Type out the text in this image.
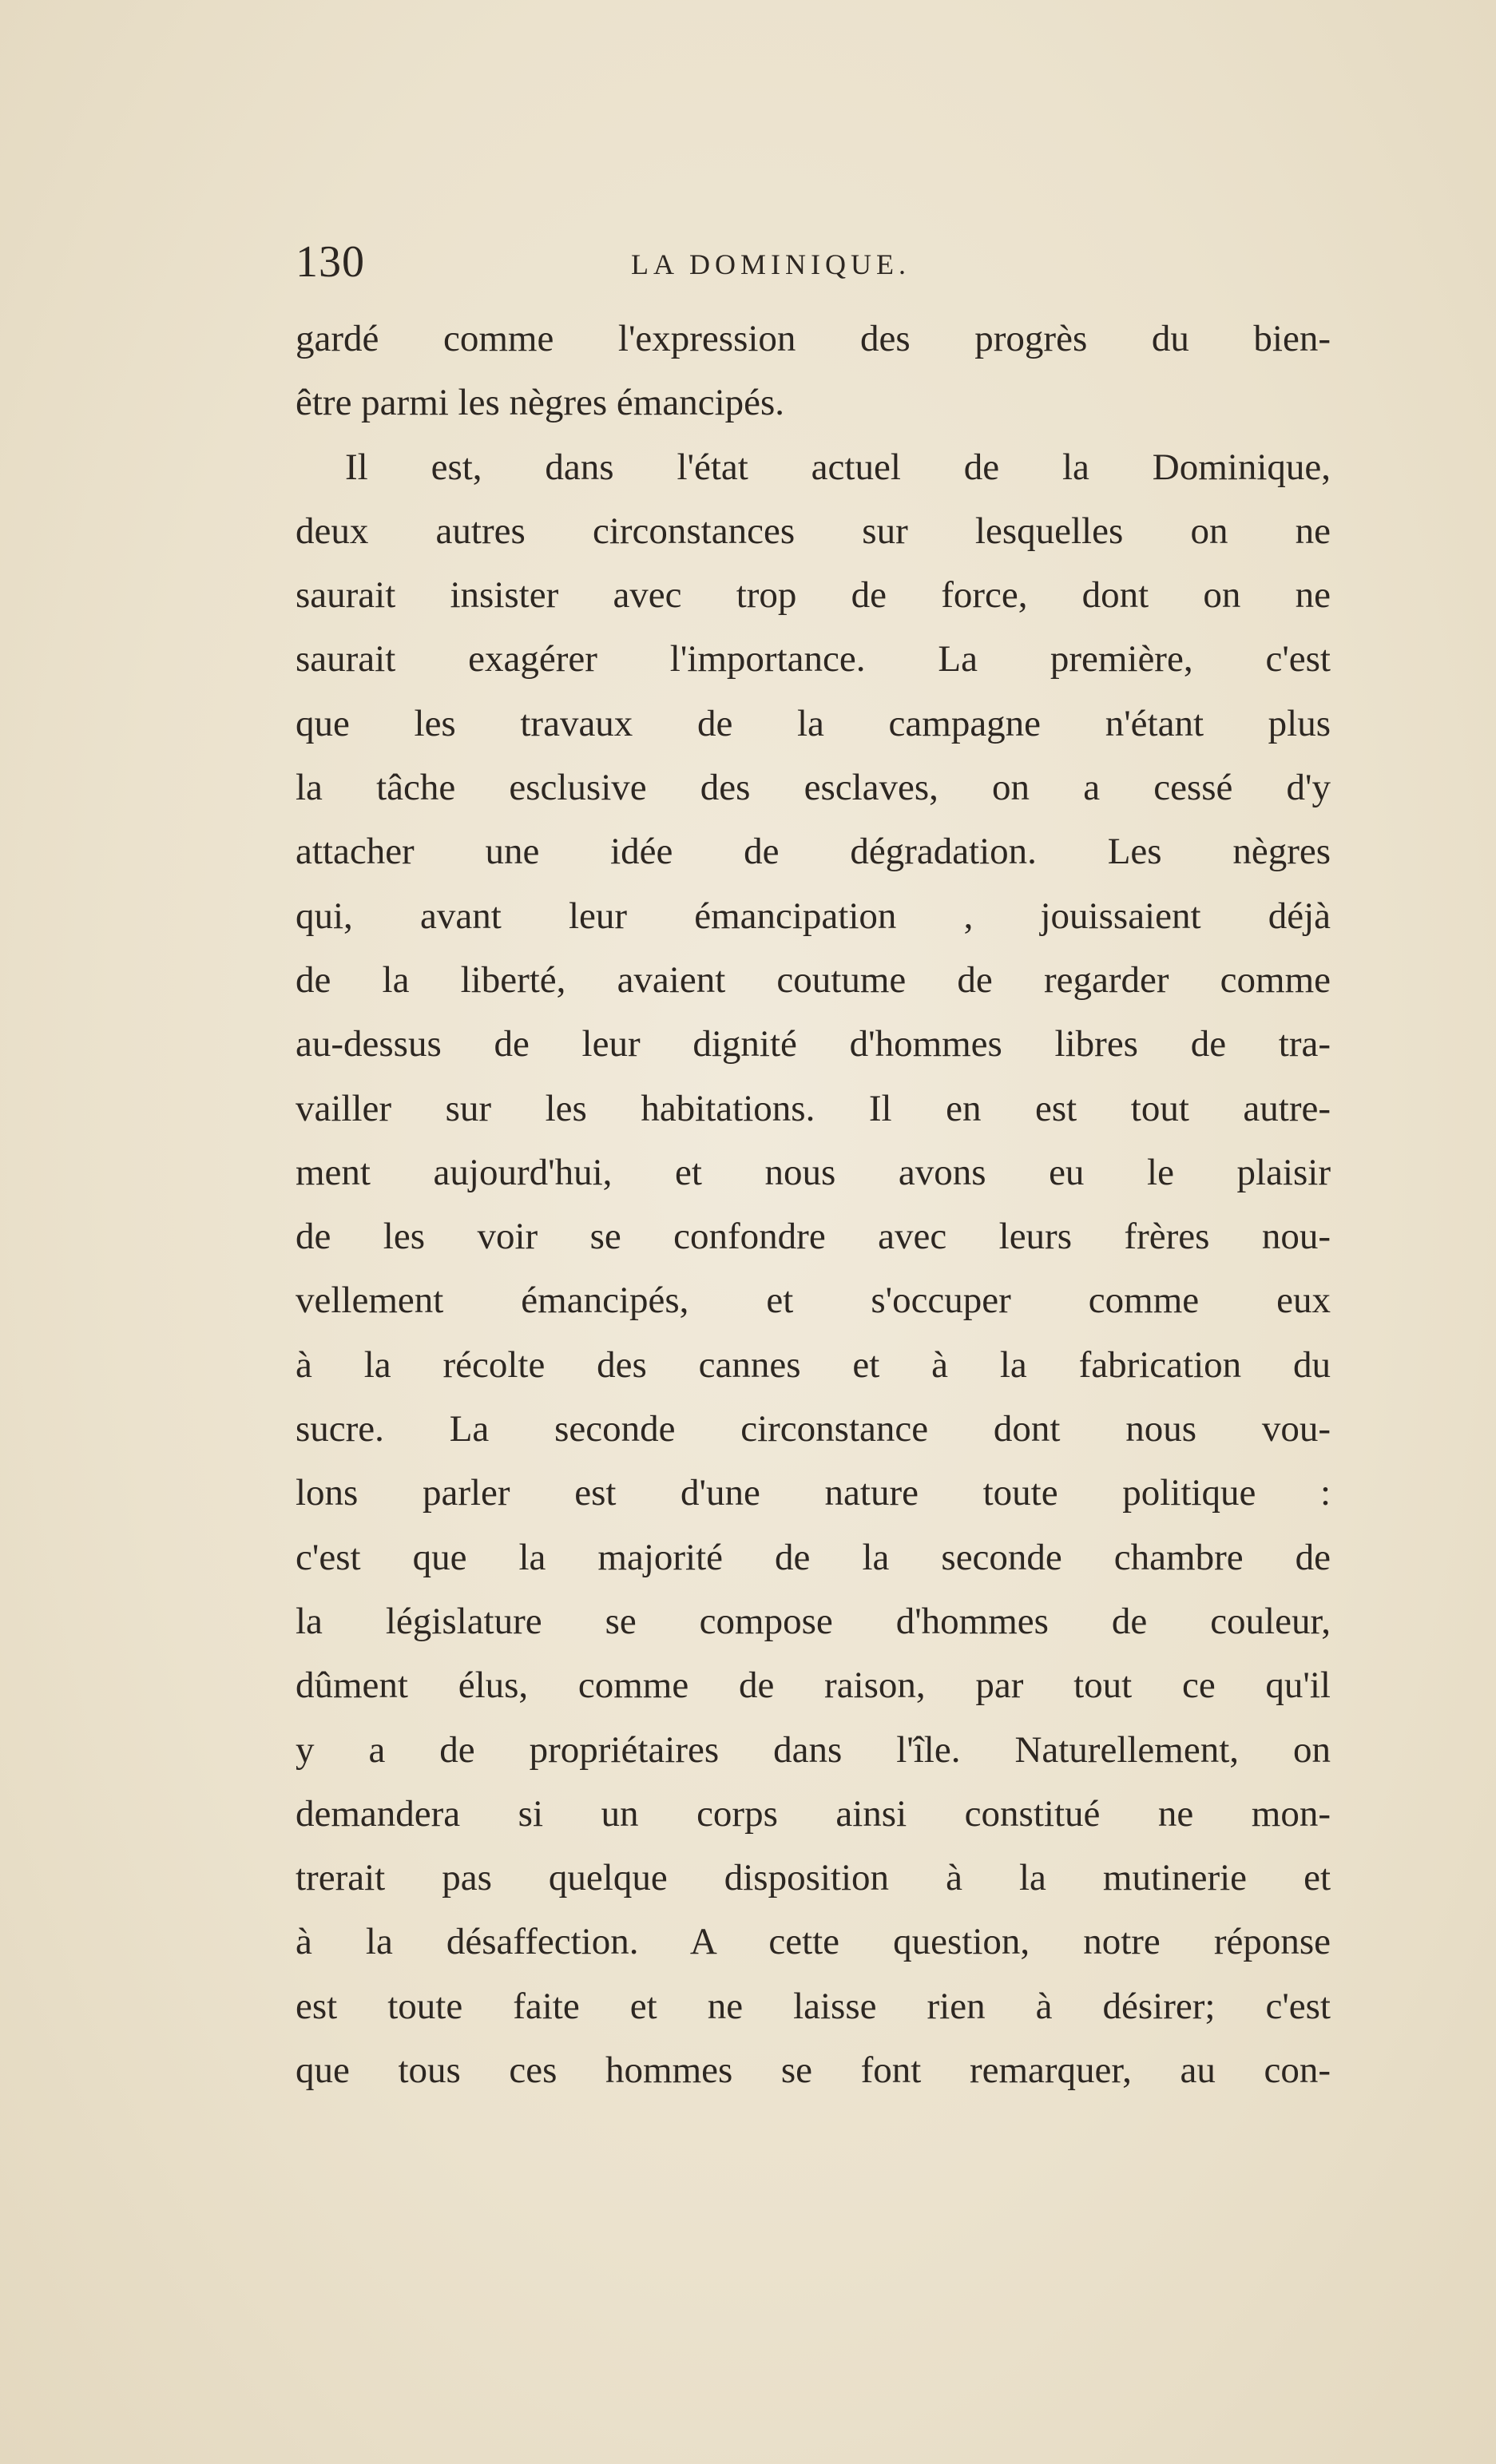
130	LA DOMINIQUE.
gardé comme l'expression des progrès du bien-
être parmi les nègres émancipés.
Il est, dans l'état actuel de la Dominique,
deux autres circonstances sur lesquelles on ne
saurait insister avec trop de force, dont on ne
saurait exagérer l'importance. La première, c'est
que les travaux de la campagne n'étant plus
la tâche esclusive des esclaves, on a cessé d'y
attacher une idée de dégradation. Les nègres
qui, avant leur émancipation , jouissaient déjà
de la liberté, avaient coutume de regarder comme
au-dessus de leur dignité d'hommes libres de tra-
vailler sur les habitations. Il en est tout autre-
ment aujourd'hui, et nous avons eu le plaisir
de les voir se confondre avec leurs frères nou-
vellement émancipés, et s'occuper comme eux
à la récolte des cannes et à la fabrication du
sucre. La seconde circonstance dont nous vou-
lons parler est d'une nature toute politique :
c'est que la majorité de la seconde chambre de
la législature se compose d'hommes de couleur,
dûment élus, comme de raison, par tout ce qu'il
y a de propriétaires dans l'île. Naturellement, on
demandera si un corps ainsi constitué ne mon-
trerait pas quelque disposition à la mutinerie et
à la désaffection. A cette question, notre réponse
est toute faite et ne laisse rien à désirer; c'est
que tous ces hommes se font remarquer, au con-
